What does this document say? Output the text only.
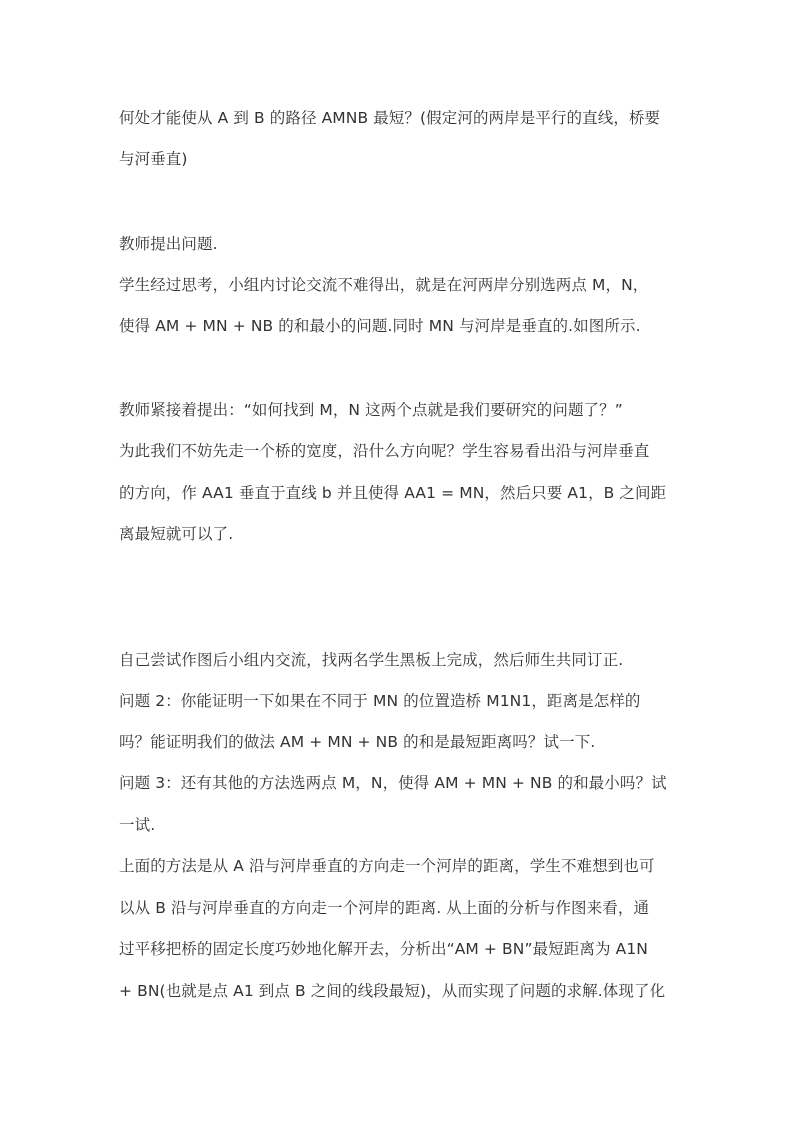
何处才能使从 A 到 B 的路径 AMNB 最短？(假定河的两岸是平行的直线，桥要
与河垂直)
教师提出问题.
学生经过思考，小组内讨论交流不难得出，就是在河两岸分别选两点 M，N，
使得 AM + MN + NB 的和最小的问题.同时 MN 与河岸是垂直的.如图所示.
教师紧接着提出：“如何找到 M，N 这两个点就是我们要研究的问题了？”
为此我们不妨先走一个桥的宽度，沿什么方向呢？学生容易看出沿与河岸垂直
的方向，作 AA1 垂直于直线 b 并且使得 AA1 = MN，然后只要 A1，B 之间距
离最短就可以了.
自己尝试作图后小组内交流，找两名学生黑板上完成，然后师生共同订正.
问题 2：你能证明一下如果在不同于 MN 的位置造桥 M1N1，距离是怎样的
吗？能证明我们的做法 AM + MN + NB 的和是最短距离吗？试一下.
问题 3：还有其他的方法选两点 M，N，使得 AM + MN + NB 的和最小吗？试
一试.
上面的方法是从 A 沿与河岸垂直的方向走一个河岸的距离，学生不难想到也可
以从 B 沿与河岸垂直的方向走一个河岸的距离. 从上面的分析与作图来看，通
过平移把桥的固定长度巧妙地化解开去，分析出“AM + BN”最短距离为 A1N
+ BN(也就是点 A1 到点 B 之间的线段最短)，从而实现了问题的求解.体现了化
